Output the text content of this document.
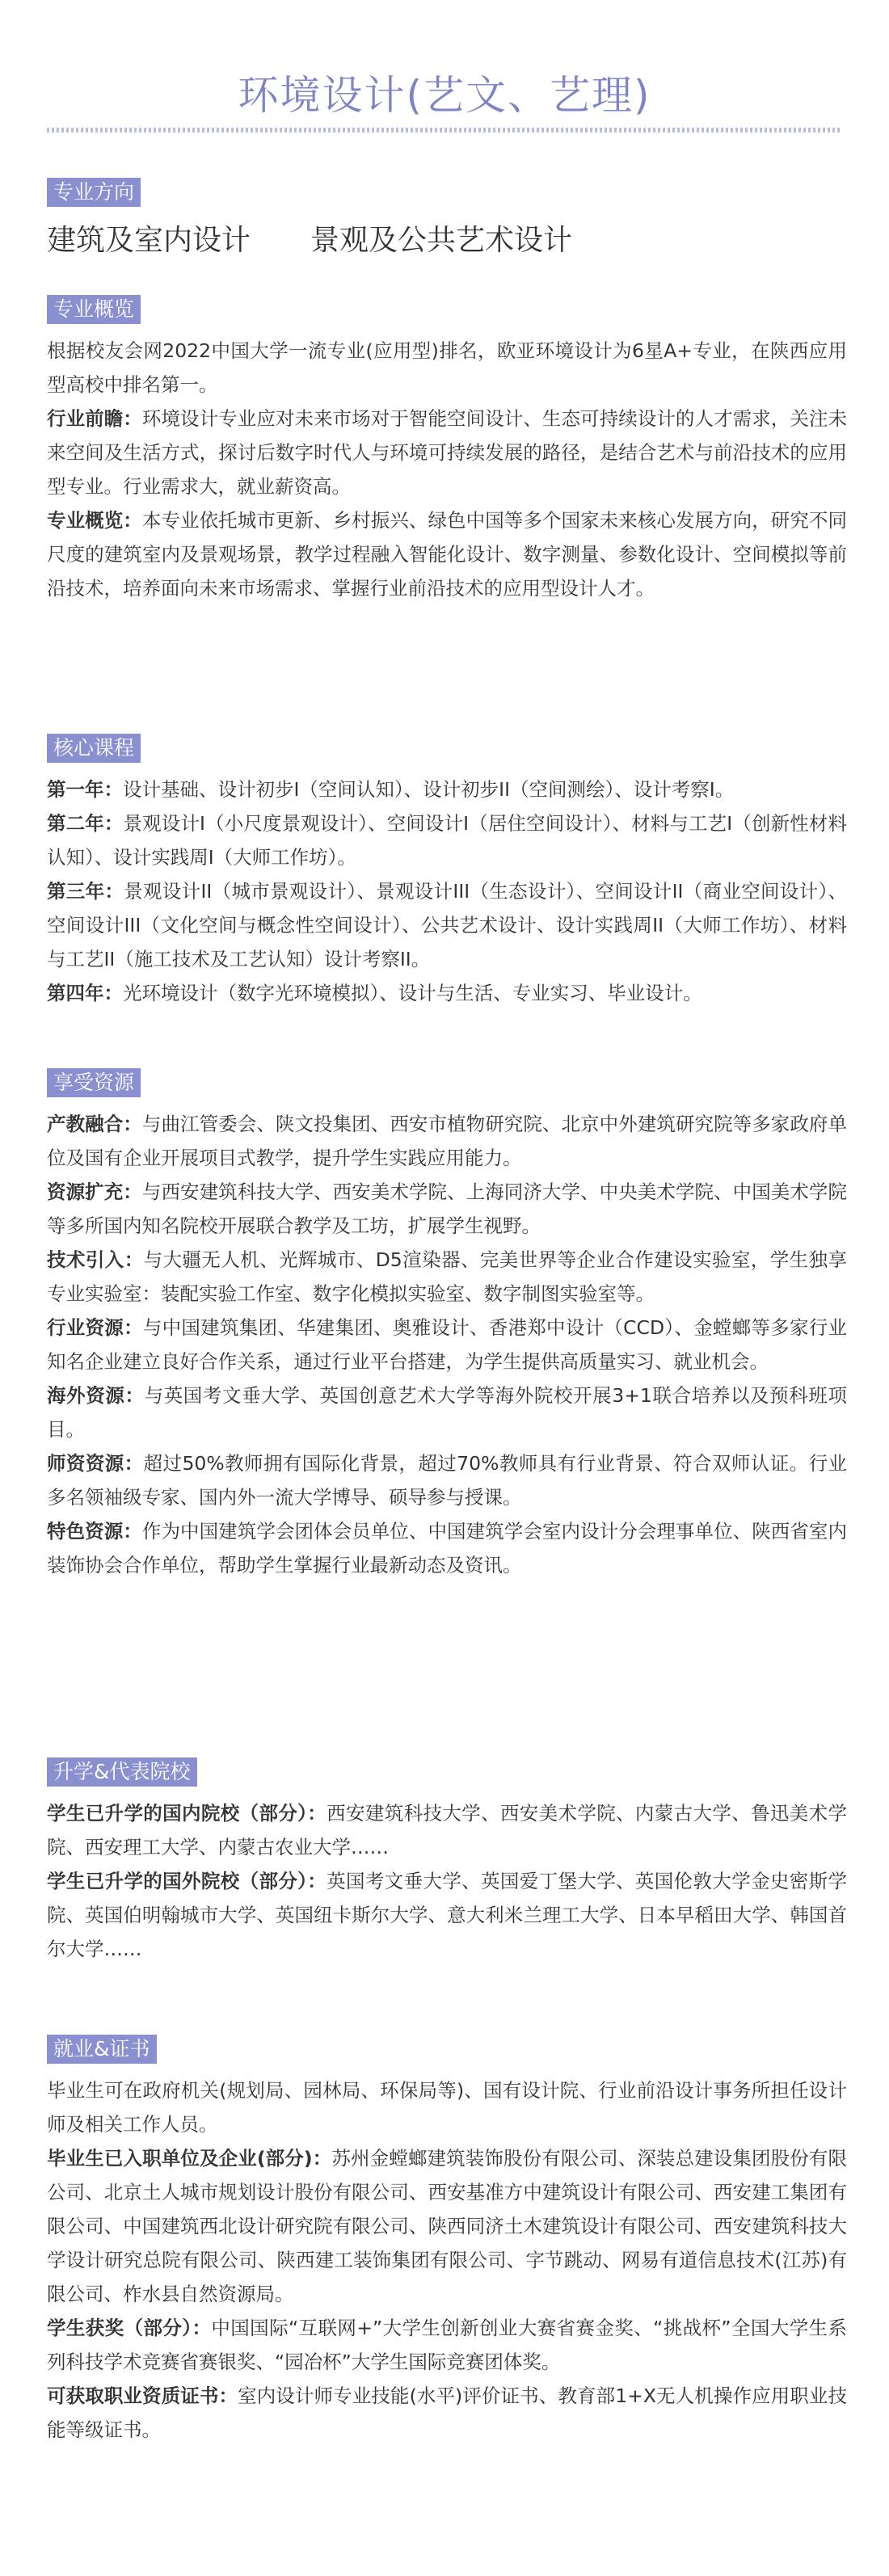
环境设计(艺文、艺理)
专业方向
建筑及室内设计 景观及公共艺术设计
专业概览

根据校友会网2022中国大学一流专业(应用型)排名，欧亚环境设计为6星A+专业，在陕西应用型高校中排名第一。

行业前瞻：环境设计专业应对未来市场对于智能空间设计、生态可持续设计的人才需求，关注未来空间及生活方式，探讨后数字时代人与环境可持续发展的路径，是结合艺术与前沿技术的应用型专业。行业需求大，就业薪资高。

专业概览：本专业依托城市更新、乡村振兴、绿色中国等多个国家未来核心发展方向，研究不同尺度的建筑室内及景观场景，教学过程融入智能化设计、数字测量、参数化设计、空间模拟等前沿技术，培养面向未来市场需求、掌握行业前沿技术的应用型设计人才。

核心课程

第一年：设计基础、设计初步I（空间认知）、设计初步II（空间测绘）、设计考察I。

第二年：景观设计I（小尺度景观设计）、空间设计I（居住空间设计）、材料与工艺I（创新性材料认知）、设计实践周I（大师工作坊）。

第三年：景观设计II（城市景观设计）、景观设计III（生态设计）、空间设计II（商业空间设计）、空间设计III（文化空间与概念性空间设计）、公共艺术设计、设计实践周II（大师工作坊）、材料与工艺II（施工技术及工艺认知）设计考察II。

第四年：光环境设计（数字光环境模拟）、设计与生活、专业实习、毕业设计。

享受资源

产教融合：与曲江管委会、陕文投集团、西安市植物研究院、北京中外建筑研究院等多家政府单位及国有企业开展项目式教学，提升学生实践应用能力。

资源扩充：与西安建筑科技大学、西安美术学院、上海同济大学、中央美术学院、中国美术学院等多所国内知名院校开展联合教学及工坊，扩展学生视野。

技术引入：与大疆无人机、光辉城市、D5渲染器、完美世界等企业合作建设实验室，学生独享专业实验室：装配实验工作室、数字化模拟实验室、数字制图实验室等。

行业资源：与中国建筑集团、华建集团、奥雅设计、香港郑中设计（CCD）、金螳螂等多家行业知名企业建立良好合作关系，通过行业平台搭建，为学生提供高质量实习、就业机会。

海外资源：与英国考文垂大学、英国创意艺术大学等海外院校开展3+1联合培养以及预科班项目。

师资资源：超过50%教师拥有国际化背景，超过70%教师具有行业背景、符合双师认证。行业多名领袖级专家、国内外一流大学博导、硕导参与授课。

特色资源：作为中国建筑学会团体会员单位、中国建筑学会室内设计分会理事单位、陕西省室内装饰协会合作单位，帮助学生掌握行业最新动态及资讯。

升学&代表院校

学生已升学的国内院校（部分）：西安建筑科技大学、西安美术学院、内蒙古大学、鲁迅美术学院、西安理工大学、内蒙古农业大学……

学生已升学的国外院校（部分）：英国考文垂大学、英国爱丁堡大学、英国伦敦大学金史密斯学院、英国伯明翰城市大学、英国纽卡斯尔大学、意大利米兰理工大学、日本早稻田大学、韩国首尔大学……

就业&证书

毕业生可在政府机关(规划局、园林局、环保局等)、国有设计院、行业前沿设计事务所担任设计师及相关工作人员。

毕业生已入职单位及企业(部分)：苏州金螳螂建筑装饰股份有限公司、深装总建设集团股份有限公司、北京土人城市规划设计股份有限公司、西安基准方中建筑设计有限公司、西安建工集团有限公司、中国建筑西北设计研究院有限公司、陕西同济土木建筑设计有限公司、西安建筑科技大学设计研究总院有限公司、陕西建工装饰集团有限公司、字节跳动、网易有道信息技术(江苏)有限公司、柞水县自然资源局。

学生获奖（部分）：中国国际“互联网+”大学生创新创业大赛省赛金奖、“挑战杯”全国大学生系列科技学术竞赛省赛银奖、“园冶杯”大学生国际竞赛团体奖。

可获取职业资质证书：室内设计师专业技能(水平)评价证书、教育部1+X无人机操作应用职业技能等级证书。
